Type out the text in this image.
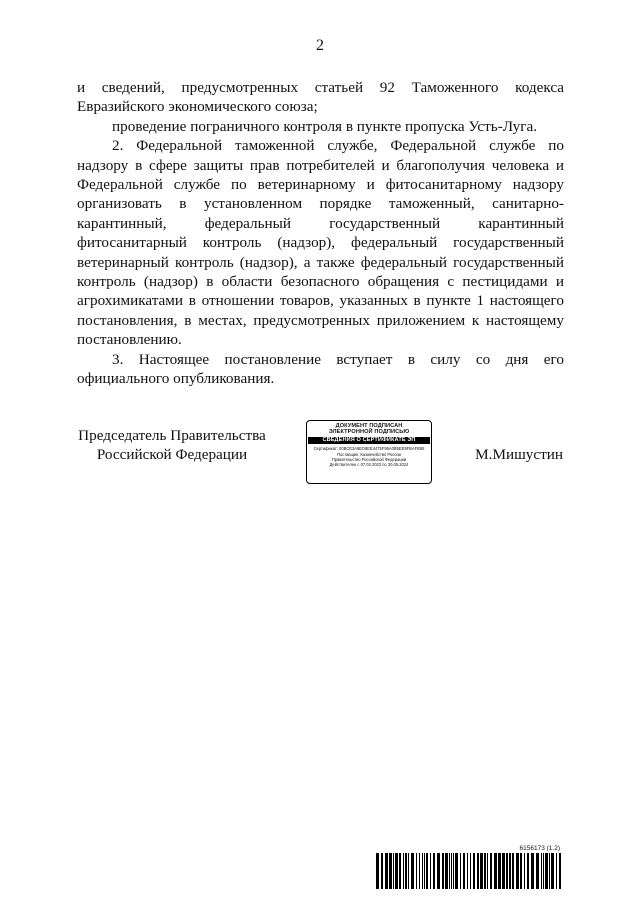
2

и сведений, предусмотренных статьей 92 Таможенного кодекса Евразийского экономического союза;

проведение пограничного контроля в пункте пропуска Усть-Луга.

2. Федеральной таможенной службе, Федеральной службе по надзору в сфере защиты прав потребителей и благополучия человека и Федеральной службе по ветеринарному и фитосанитарному надзору организовать в установленном порядке таможенный, санитарно-карантинный, федеральный государственный карантинный фитосанитарный контроль (надзор), федеральный государственный ветеринарный контроль (надзор), а также федеральный государственный контроль (надзор) в области безопасного обращения с пестицидами и агрохимикатами в отношении товаров, указанных в пункте 1 настоящего постановления, в местах, предусмотренных приложением к настоящему постановлению.

3. Настоящее постановление вступает в силу со дня его официального опубликования.

Председатель Правительства
Российской Федерации
ДОКУМЕНТ ПОДПИСАН
ЭЛЕКТРОННОЙ ПОДПИСЬЮ
СВЕДЕНИЯ О СЕРТИФИКАТЕ ЭП
Сертификат: 00BCE3A9ED8EE4475F95A0B5EE9FBAFB88
Поставщик: Казначейство России
Правительство Российской Федерации
Действителен с 07.03.2023 по 30.05.2024
М.Мишустин
6156173 (1.2)
